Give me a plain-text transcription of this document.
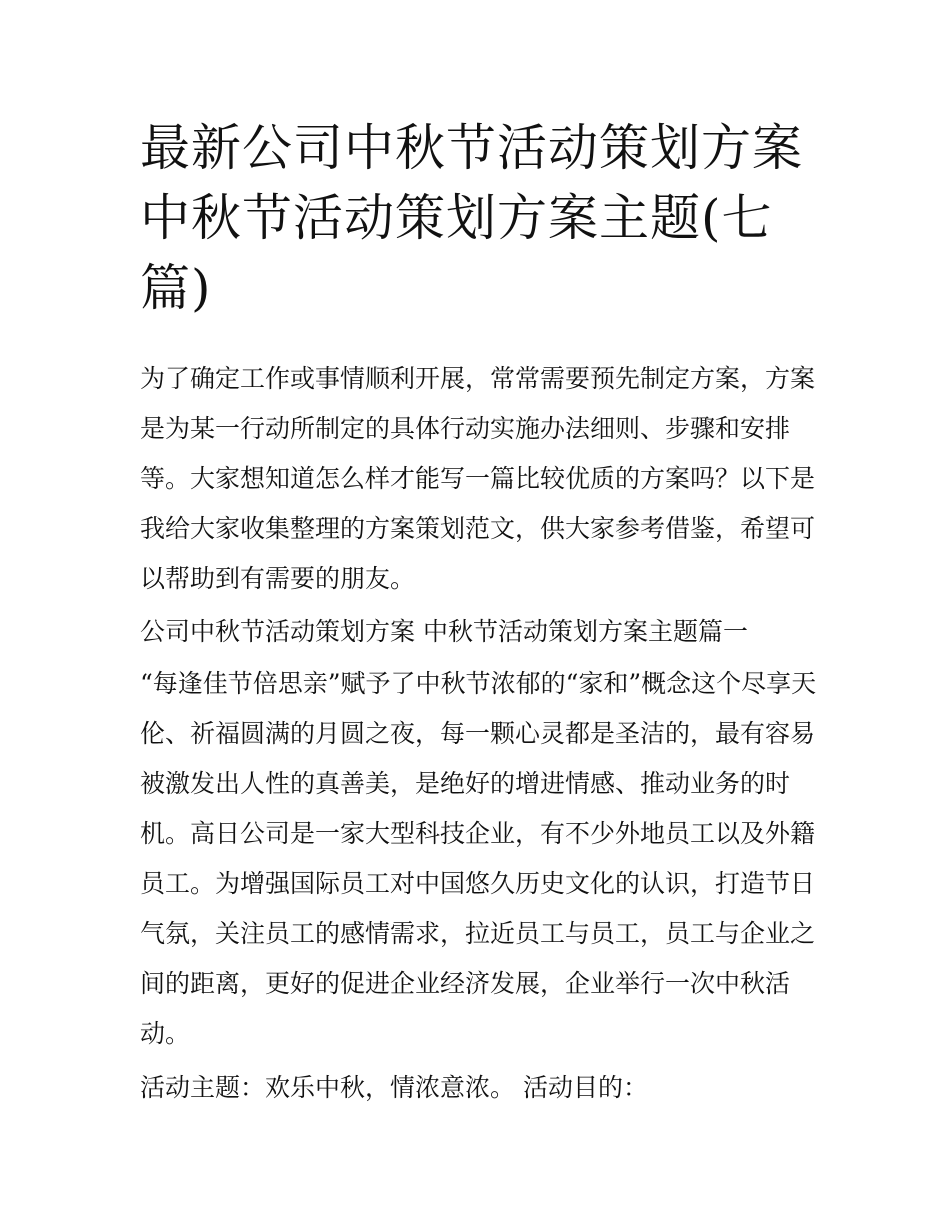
最新公司中秋节活动策划方案
中秋节活动策划方案主题(七
篇)

为了确定工作或事情顺利开展，常常需要预先制定方案，方案

是为某一行动所制定的具体行动实施办法细则、步骤和安排

等。大家想知道怎么样才能写一篇比较优质的方案吗？以下是

我给大家收集整理的方案策划范文，供大家参考借鉴，希望可

以帮助到有需要的朋友。

公司中秋节活动策划方案 中秋节活动策划方案主题篇一

“每逢佳节倍思亲”赋予了中秋节浓郁的“家和”概念这个尽享天

伦、祈福圆满的月圆之夜，每一颗心灵都是圣洁的，最有容易

被激发出人性的真善美，是绝好的增进情感、推动业务的时

机。高日公司是一家大型科技企业，有不少外地员工以及外籍

员工。为增强国际员工对中国悠久历史文化的认识，打造节日

气氛，关注员工的感情需求，拉近员工与员工，员工与企业之

间的距离，更好的促进企业经济发展，企业举行一次中秋活

动。

活动主题：欢乐中秋，情浓意浓。 活动目的：
